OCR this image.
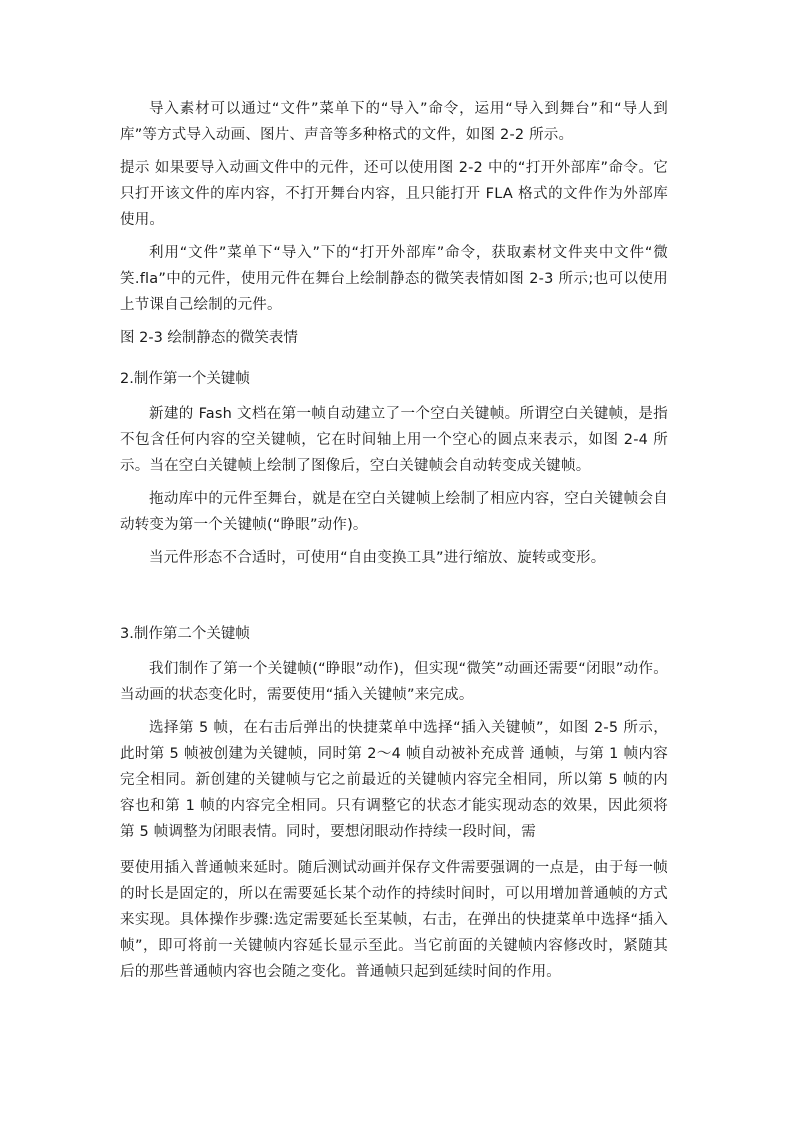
导入素材可以通过“文件”菜单下的“导入”命令，运用“导入到舞台”和“导人到库”等方式导入动画、图片、声音等多种格式的文件，如图 2-2 所示。

提示 如果要导入动画文件中的元件，还可以使用图 2-2 中的“打开外部库”命令。它只打开该文件的库内容，不打开舞台内容，且只能打开 FLA 格式的文件作为外部库使用。

利用“文件”菜单下“导入”下的“打开外部库”命令，获取素材文件夹中文件“微笑.fla”中的元件，使用元件在舞台上绘制静态的微笑表情如图 2-3 所示;也可以使用上节课自己绘制的元件。

图 2-3 绘制静态的微笑表情

2.制作第一个关键帧

新建的 Fash 文档在第一帧自动建立了一个空白关键帧。所谓空白关键帧，是指不包含任何内容的空关键帧，它在时间轴上用一个空心的圆点来表示，如图 2-4 所示。当在空白关键帧上绘制了图像后，空白关键帧会自动转变成关键帧。

拖动库中的元件至舞台，就是在空白关键帧上绘制了相应内容，空白关键帧会自动转变为第一个关键帧(“睁眼”动作)。

当元件形态不合适时，可使用“自由变换工具”进行缩放、旋转或变形。

3.制作第二个关键帧

我们制作了第一个关键帧(“睁眼”动作)，但实现“微笑”动画还需要“闭眼”动作。当动画的状态变化时，需要使用“插入关键帧”来完成。

选择第 5 帧，在右击后弹出的快捷菜单中选择“插入关键帧”，如图 2-5 所示，此时第 5 帧被创建为关键帧，同时第 2～4 帧自动被补充成普 通帧，与第 1 帧内容完全相同。新创建的关键帧与它之前最近的关键帧内容完全相同，所以第 5 帧的内容也和第 1 帧的内容完全相同。只有调整它的状态才能实现动态的效果，因此须将第 5 帧调整为闭眼表情。同时，要想闭眼动作持续一段时间，需

要使用插入普通帧来延时。随后测试动画并保存文件需要强调的一点是，由于每一帧的时长是固定的，所以在需要延长某个动作的持续时间时，可以用增加普通帧的方式来实现。具体操作步骤:选定需要延长至某帧，右击，在弹出的快捷菜单中选择“插入帧”，即可将前一关键帧内容延长显示至此。当它前面的关键帧内容修改时，紧随其后的那些普通帧内容也会随之变化。普通帧只起到延续时间的作用。
